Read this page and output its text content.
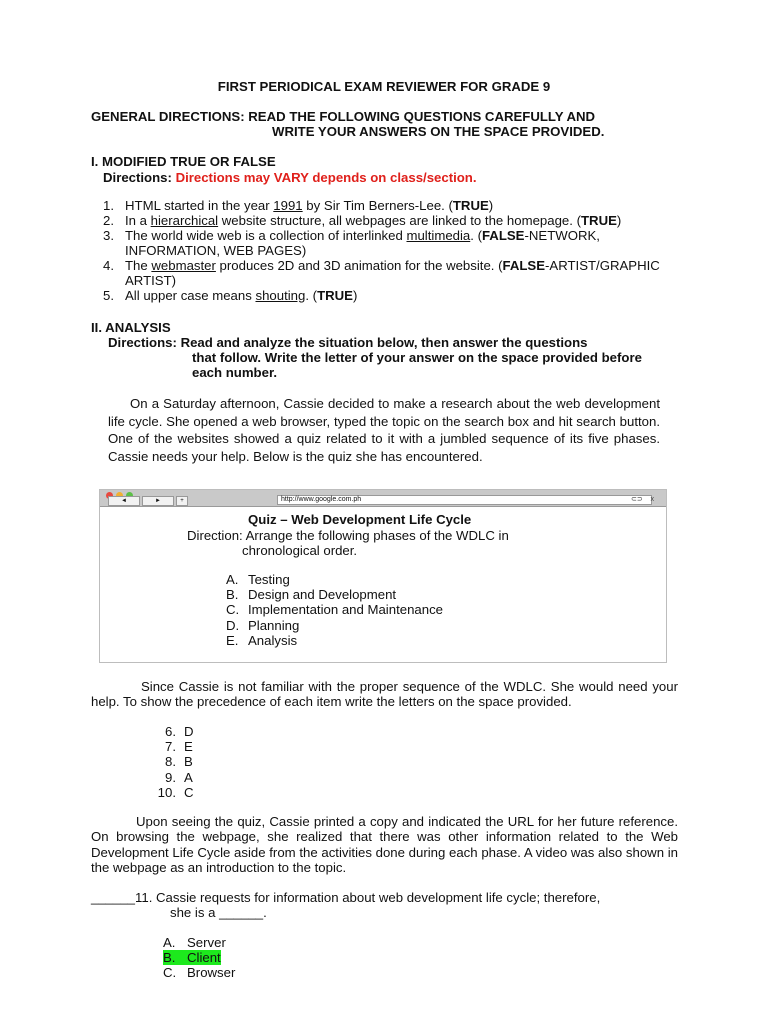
FIRST PERIODICAL EXAM REVIEWER FOR GRADE 9
GENERAL DIRECTIONS: READ THE FOLLOWING QUESTIONS CAREFULLY AND
WRITE YOUR ANSWERS ON THE SPACE PROVIDED.
I. MODIFIED TRUE OR FALSE
Directions: Directions may VARY depends on class/section.
1. HTML started in the year 1991 by Sir Tim Berners-Lee. (TRUE)
2. In a hierarchical website structure, all webpages are linked to the homepage. (TRUE)
3. The world wide web is a collection of interlinked multimedia. (FALSE-NETWORK, INFORMATION, WEB PAGES)
4. The webmaster produces 2D and 3D animation for the website. (FALSE-ARTIST/GRAPHIC ARTIST)
5. All upper case means shouting. (TRUE)
II. ANALYSIS
Directions: Read and analyze the situation below, then answer the questions
that follow. Write the letter of your answer on the space provided before each number.
On a Saturday afternoon, Cassie decided to make a research about the web development life cycle. She opened a web browser, typed the topic on the search box and hit search button. One of the websites showed a quiz related to it with a jumbled sequence of its five phases. Cassie needs your help. Below is the quiz she has encountered.
◄	►	+	http://www.google.com.ph	⊂⊃ x
Quiz – Web Development Life Cycle
Direction: Arrange the following phases of the WDLC in
chronological order.
A. Testing
B. Design and Development
C. Implementation and Maintenance
D. Planning
E. Analysis
Since Cassie is not familiar with the proper sequence of the WDLC. She would need your help. To show the precedence of each item write the letters on the space provided.
6. D
7. E
8. B
9. A
10. C
Upon seeing the quiz, Cassie printed a copy and indicated the URL for her future reference. On browsing the webpage, she realized that there was other information related to the Web Development Life Cycle aside from the activities done during each phase. A video was also shown in the webpage as an introduction to the topic.
______11. Cassie requests for information about web development life cycle; therefore,
she is a ______.
A. Server
B. Client
C. Browser
